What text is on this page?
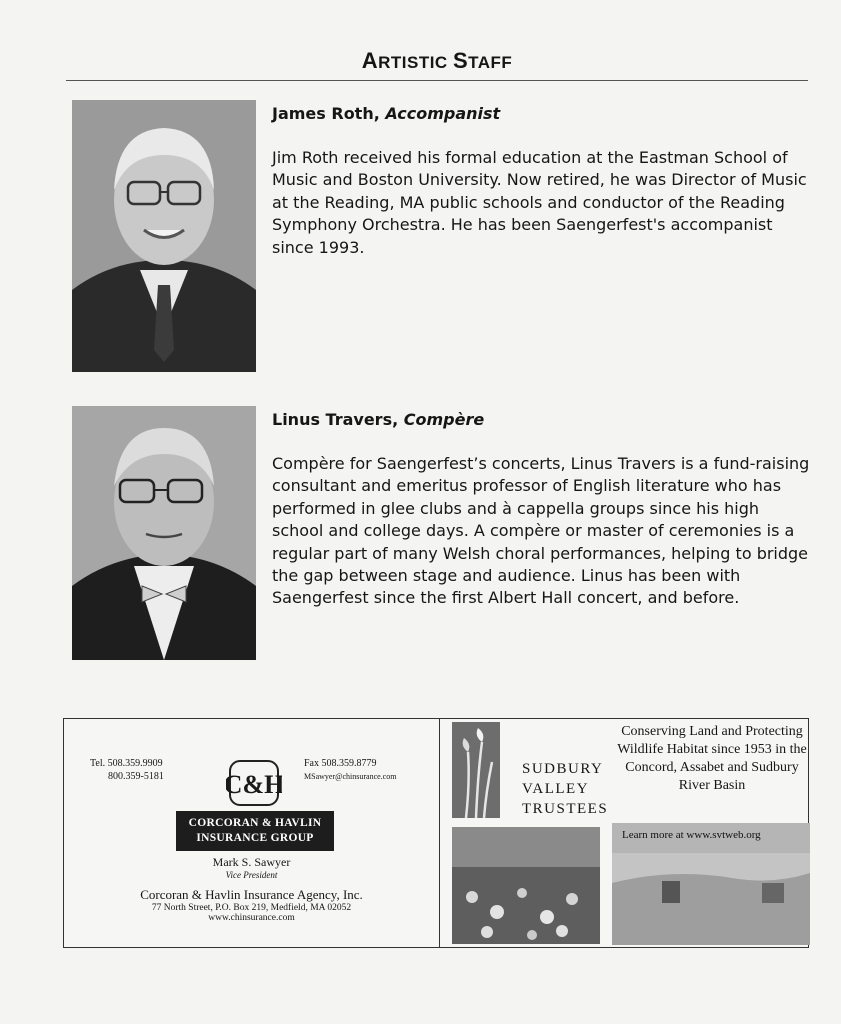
ARTISTIC STAFF

James Roth, Accompanist

Jim Roth received his formal education at the Eastman School of Music and Boston University. Now retired, he was Director of Music at the Reading, MA public schools and conductor of the Reading Symphony Orchestra. He has been Saengerfest's accompanist since 1993.

Linus Travers, Compère

Compère for Saengerfest’s concerts, Linus Travers is a fund-raising consultant and emeritus professor of English literature who has performed in glee clubs and à cappella groups since his high school and college days. A compère or master of ceremonies is a regular part of many Welsh choral performances, helping to bridge the gap between stage and audience. Linus has been with Saengerfest since the first Albert Hall concert, and before.

Tel. 508.359.9909
800.359-5181
Fax 508.359.8779
MSawyer@chinsurance.com
C&H
CORCORAN & HAVLIN
INSURANCE GROUP
Mark S. Sawyer
Vice President
Corcoran & Havlin Insurance Agency, Inc.
77 North Street, P.O. Box 219, Medfield, MA 02052
www.chinsurance.com
SUDBURY
VALLEY
TRUSTEES
Conserving Land and Protecting Wildlife Habitat since 1953 in the Concord, Assabet and Sudbury River Basin
Learn more at www.svtweb.org
